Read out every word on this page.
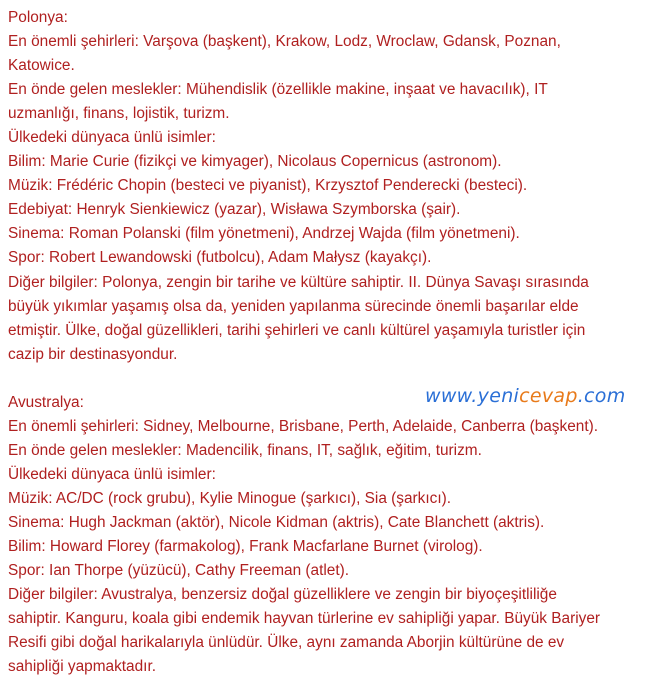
Polonya:
En önemli şehirleri: Varşova (başkent), Krakow, Lodz, Wroclaw, Gdansk, Poznan,
Katowice.
En önde gelen meslekler: Mühendislik (özellikle makine, inşaat ve havacılık), IT
uzmanlığı, finans, lojistik, turizm.
Ülkedeki dünyaca ünlü isimler:
Bilim: Marie Curie (fizikçi ve kimyager), Nicolaus Copernicus (astronom).
Müzik: Frédéric Chopin (besteci ve piyanist), Krzysztof Penderecki (besteci).
Edebiyat: Henryk Sienkiewicz (yazar), Wisława Szymborska (şair).
Sinema: Roman Polanski (film yönetmeni), Andrzej Wajda (film yönetmeni).
Spor: Robert Lewandowski (futbolcu), Adam Małysz (kayakçı).
Diğer bilgiler: Polonya, zengin bir tarihe ve kültüre sahiptir. II. Dünya Savaşı sırasında
büyük yıkımlar yaşamış olsa da, yeniden yapılanma sürecinde önemli başarılar elde
etmiştir. Ülke, doğal güzellikleri, tarihi şehirleri ve canlı kültürel yaşamıyla turistler için
cazip bir destinasyondur.
Avustralya:
En önemli şehirleri: Sidney, Melbourne, Brisbane, Perth, Adelaide, Canberra (başkent).
En önde gelen meslekler: Madencilik, finans, IT, sağlık, eğitim, turizm.
Ülkedeki dünyaca ünlü isimler:
Müzik: AC/DC (rock grubu), Kylie Minogue (şarkıcı), Sia (şarkıcı).
Sinema: Hugh Jackman (aktör), Nicole Kidman (aktris), Cate Blanchett (aktris).
Bilim: Howard Florey (farmakolog), Frank Macfarlane Burnet (virolog).
Spor: Ian Thorpe (yüzücü), Cathy Freeman (atlet).
Diğer bilgiler: Avustralya, benzersiz doğal güzelliklere ve zengin bir biyoçeşitliliğe
sahiptir. Kanguru, koala gibi endemik hayvan türlerine ev sahipliği yapar. Büyük Bariyer
Resifi gibi doğal harikalarıyla ünlüdür. Ülke, aynı zamanda Aborjin kültürüne de ev
sahipliği yapmaktadır.
www.yenicevap.com
